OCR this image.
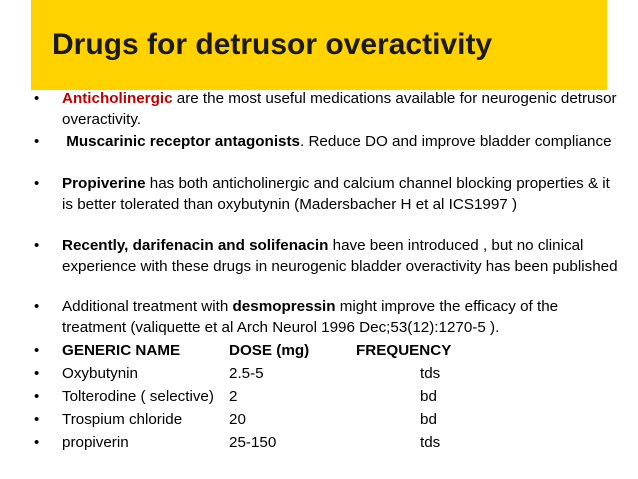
Drugs for detrusor overactivity
• Anticholinergic are the most useful medications available for neurogenic detrusor overactivity.
• Muscarinic receptor antagonists. Reduce DO and improve bladder compliance
• Propiverine has both anticholinergic and calcium channel blocking properties & it is better tolerated than oxybutynin (Madersbacher H et al ICS1997 )
• Recently, darifenacin and solifenacin have been introduced , but no clinical experience with these drugs in neurogenic bladder overactivity has been published
• Additional treatment with desmopressin might improve the efficacy of the treatment (valiquette et al Arch Neurol 1996 Dec;53(12):1270-5 ).
• GENERIC NAME	DOSE (mg)	FREQUENCY
• Oxybutynin	2.5-5	tds
• Tolterodine ( selective) 2	bd
• Trospium chloride	20	bd
• propiverin	25-150	tds
